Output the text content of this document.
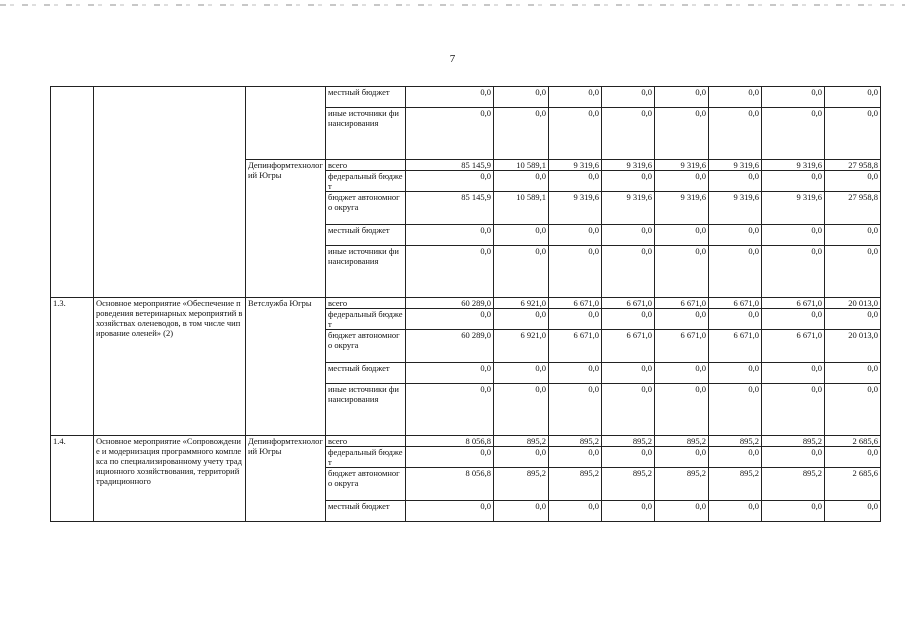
7
			местный бюджет	0,0	0,0	0,0	0,0	0,0	0,0	0,0	0,0
			иные источники финансирования	0,0	0,0	0,0	0,0	0,0	0,0	0,0	0,0
		Депинформтехнологий Югры	всего	85 145,9	10 589,1	9 319,6	9 319,6	9 319,6	9 319,6	9 319,6	27 958,8
			федеральный бюджет	0,0	0,0	0,0	0,0	0,0	0,0	0,0	0,0
			бюджет автономного округа	85 145,9	10 589,1	9 319,6	9 319,6	9 319,6	9 319,6	9 319,6	27 958,8
			местный бюджет	0,0	0,0	0,0	0,0	0,0	0,0	0,0	0,0
			иные источники финансирования	0,0	0,0	0,0	0,0	0,0	0,0	0,0	0,0
1.3.	Основное мероприятие «Обеспечение проведения ветеринарных мероприятий в хозяйствах оленеводов, в том числе чипирование оленей» (2)	Ветслужба Югры	всего	60 289,0	6 921,0	6 671,0	6 671,0	6 671,0	6 671,0	6 671,0	20 013,0
			федеральный бюджет	0,0	0,0	0,0	0,0	0,0	0,0	0,0	0,0
			бюджет автономного округа	60 289,0	6 921,0	6 671,0	6 671,0	6 671,0	6 671,0	6 671,0	20 013,0
			местный бюджет	0,0	0,0	0,0	0,0	0,0	0,0	0,0	0,0
			иные источники финансирования	0,0	0,0	0,0	0,0	0,0	0,0	0,0	0,0
1.4.	Основное мероприятие «Сопровождение и модернизация программного комплекса по специализированному учету традиционного хозяйствования, территорий традиционного	Депинформтехнологий Югры	всего	8 056,8	895,2	895,2	895,2	895,2	895,2	895,2	2 685,6
			федеральный бюджет	0,0	0,0	0,0	0,0	0,0	0,0	0,0	0,0
			бюджет автономного округа	8 056,8	895,2	895,2	895,2	895,2	895,2	895,2	2 685,6
			местный бюджет	0,0	0,0	0,0	0,0	0,0	0,0	0,0	0,0
